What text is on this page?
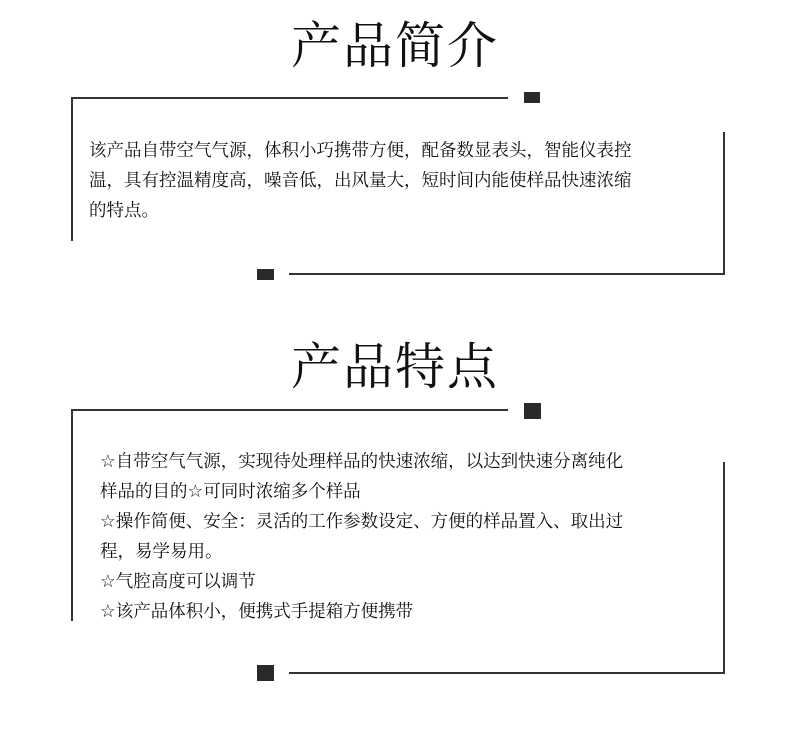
产品简介

该产品自带空气气源，体积小巧携带方便，配备数显表头，智能仪表控
温，具有控温精度高，噪音低，出风量大，短时间内能使样品快速浓缩
的特点。

产品特点

☆自带空气气源，实现待处理样品的快速浓缩，以达到快速分离纯化
样品的目的☆可同时浓缩多个样品
☆操作简便、安全：灵活的工作参数设定、方便的样品置入、取出过
程，易学易用。
☆气腔高度可以调节
☆该产品体积小，便携式手提箱方便携带
